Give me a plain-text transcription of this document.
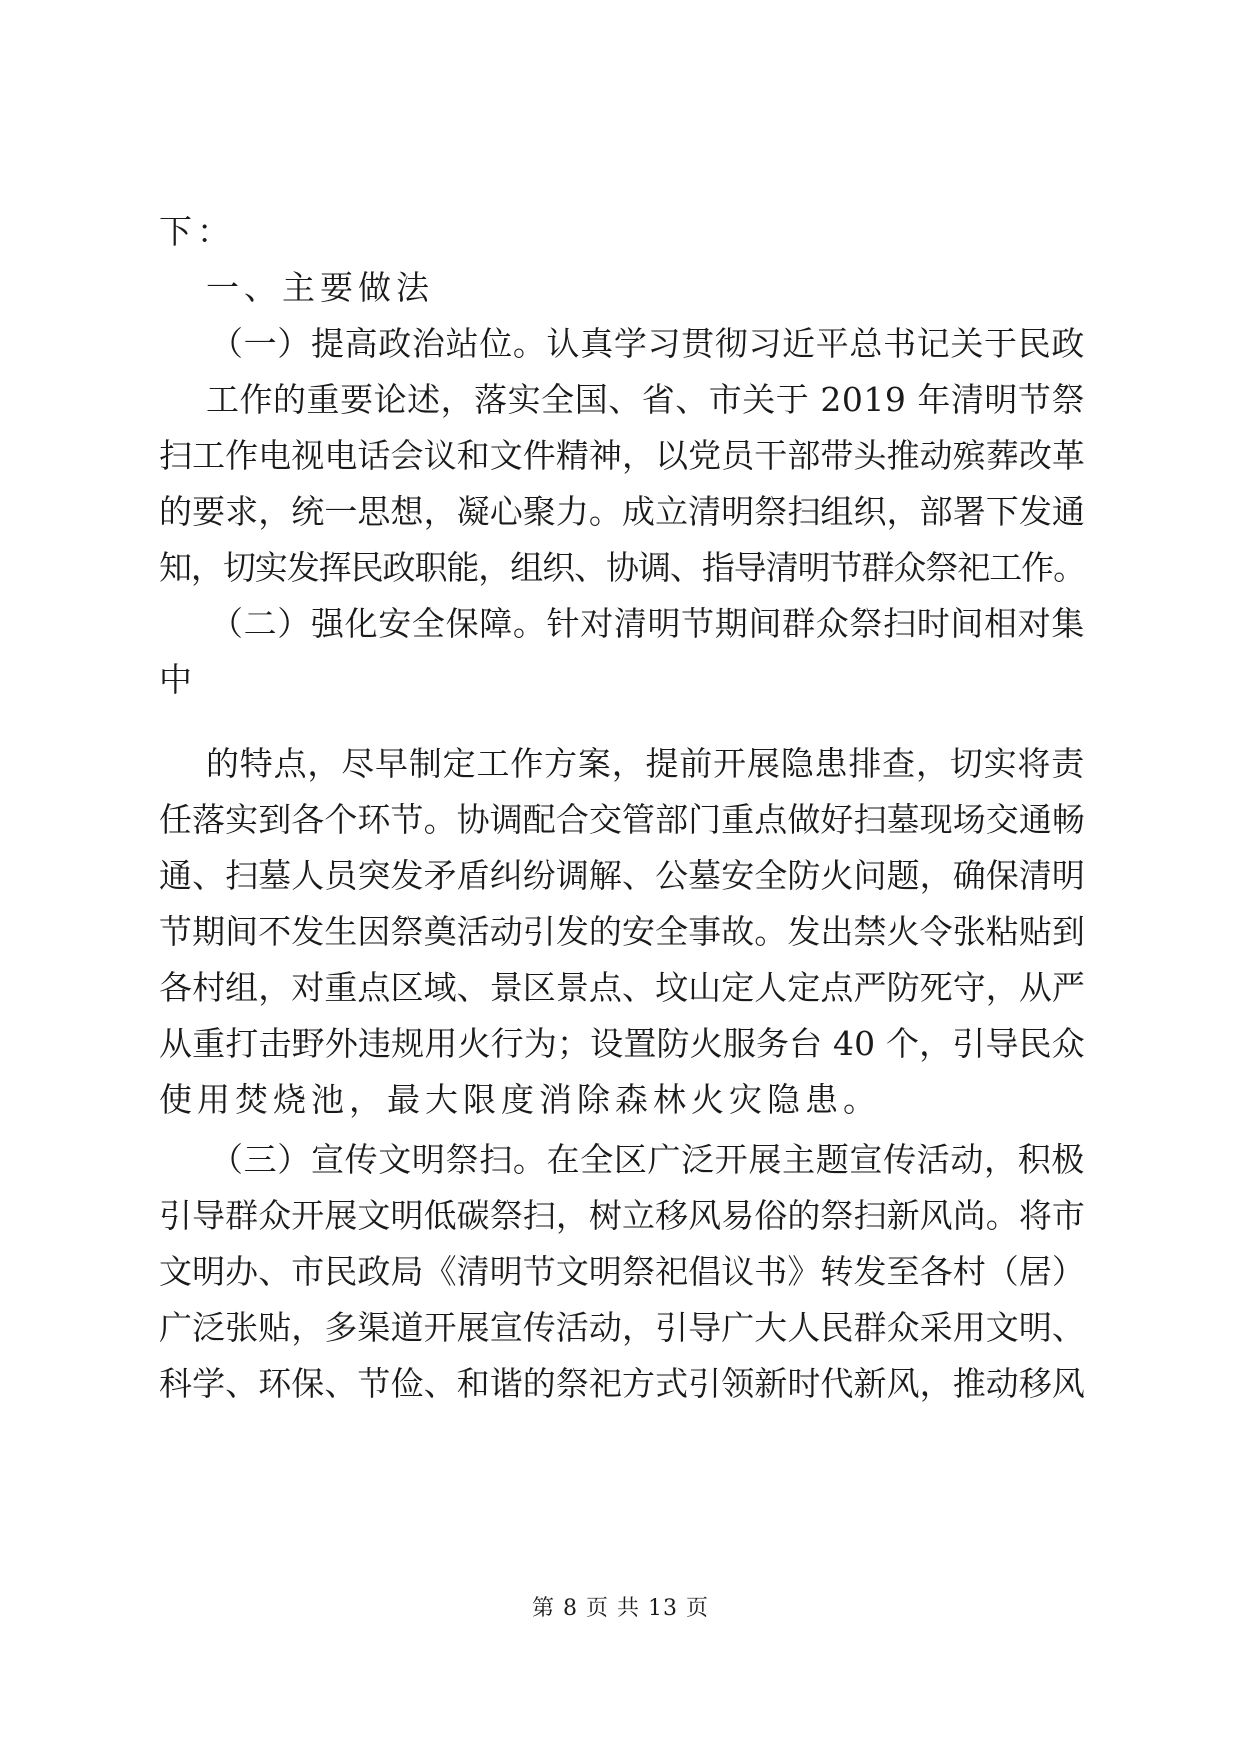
下：
一、主要做法
（一）提高政治站位。认真学习贯彻习近平总书记关于民政
工作的重要论述，落实全国、省、市关于 2019 年清明节祭
扫工作电视电话会议和文件精神，以党员干部带头推动殡葬改革
的要求，统一思想，凝心聚力。成立清明祭扫组织，部署下发通
知，切实发挥民政职能，组织、协调、指导清明节群众祭祀工作。
（二）强化安全保障。针对清明节期间群众祭扫时间相对集
中
的特点，尽早制定工作方案，提前开展隐患排查，切实将责
任落实到各个环节。协调配合交管部门重点做好扫墓现场交通畅
通、扫墓人员突发矛盾纠纷调解、公墓安全防火问题，确保清明
节期间不发生因祭奠活动引发的安全事故。发出禁火令张粘贴到
各村组，对重点区域、景区景点、坟山定人定点严防死守，从严
从重打击野外违规用火行为；设置防火服务台 40 个，引导民众
使用焚烧池，最大限度消除森林火灾隐患。
（三）宣传文明祭扫。在全区广泛开展主题宣传活动，积极
引导群众开展文明低碳祭扫，树立移风易俗的祭扫新风尚。将市
文明办、市民政局《清明节文明祭祀倡议书》转发至各村（居）
广泛张贴，多渠道开展宣传活动，引导广大人民群众采用文明、
科学、环保、节俭、和谐的祭祀方式引领新时代新风，推动移风
第 8 页 共 13 页
